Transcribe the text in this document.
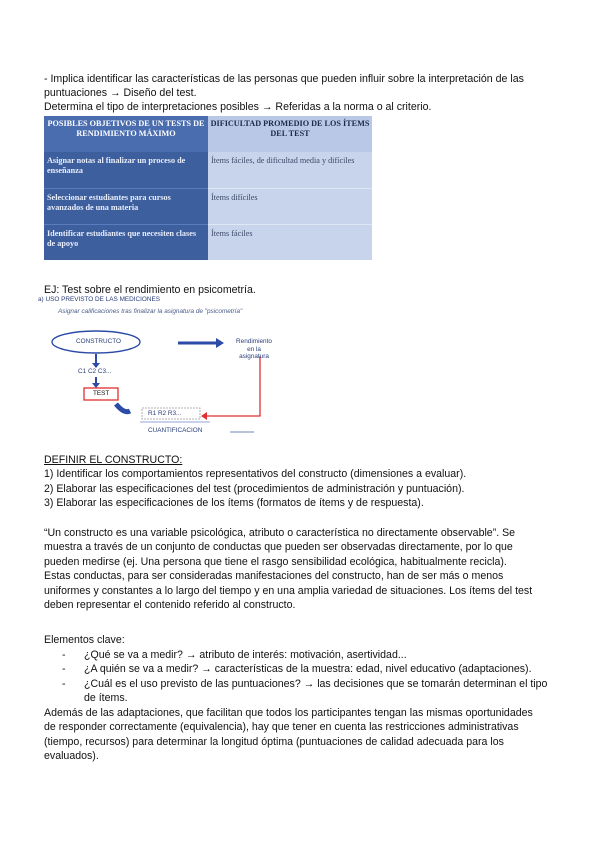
- Implica identificar las características de las personas que pueden influir sobre la interpretación de las
puntuaciones → Diseño del test.
Determina el tipo de interpretaciones posibles → Referidas a la norma o al criterio.
POSIBLES OBJETIVOS DE UN TESTS DE RENDIMIENTO MÁXIMO
DIFICULTAD PROMEDIO DE LOS ÍTEMS DEL TEST
Asignar notas al finalizar un proceso de enseñanza
Ítems fáciles, de dificultad media y difíciles
Seleccionar estudiantes para cursos avanzados de una materia
Ítems difíciles
Identificar estudiantes que necesiten clases de apoyo
Ítems fáciles
EJ: Test sobre el rendimiento en psicometría.
a) USO PREVISTO DE LAS MEDICIONES
Asignar calificaciones tras finalizar la asignatura de "psicometría"
CONSTRUCTO	Rendimiento en la asignatura
C1 C2 C3...
TEST
R1 R2 R3...
CUANTIFICACION
DEFINIR EL CONSTRUCTO:
1) Identificar los comportamientos representativos del constructo (dimensiones a evaluar).
2) Elaborar las especificaciones del test (procedimientos de administración y puntuación).
3) Elaborar las especificaciones de los ítems (formatos de ítems y de respuesta).
“Un constructo es una variable psicológica, atributo o característica no directamente observable”. Se
muestra a través de un conjunto de conductas que pueden ser observadas directamente, por lo que
pueden medirse (ej. Una persona que tiene el rasgo sensibilidad ecológica, habitualmente recicla).
Estas conductas, para ser consideradas manifestaciones del constructo, han de ser más o menos
uniformes y constantes a lo largo del tiempo y en una amplia variedad de situaciones. Los ítems del test
deben representar el contenido referido al constructo.
Elementos clave:
- ¿Qué se va a medir? → atributo de interés: motivación, asertividad...
- ¿A quién se va a medir? → características de la muestra: edad, nivel educativo (adaptaciones).
- ¿Cuál es el uso previsto de las puntuaciones? → las decisiones que se tomarán determinan el tipo de ítems.
Además de las adaptaciones, que facilitan que todos los participantes tengan las mismas oportunidades
de responder correctamente (equivalencia), hay que tener en cuenta las restricciones administrativas
(tiempo, recursos) para determinar la longitud óptima (puntuaciones de calidad adecuada para los
evaluados).
